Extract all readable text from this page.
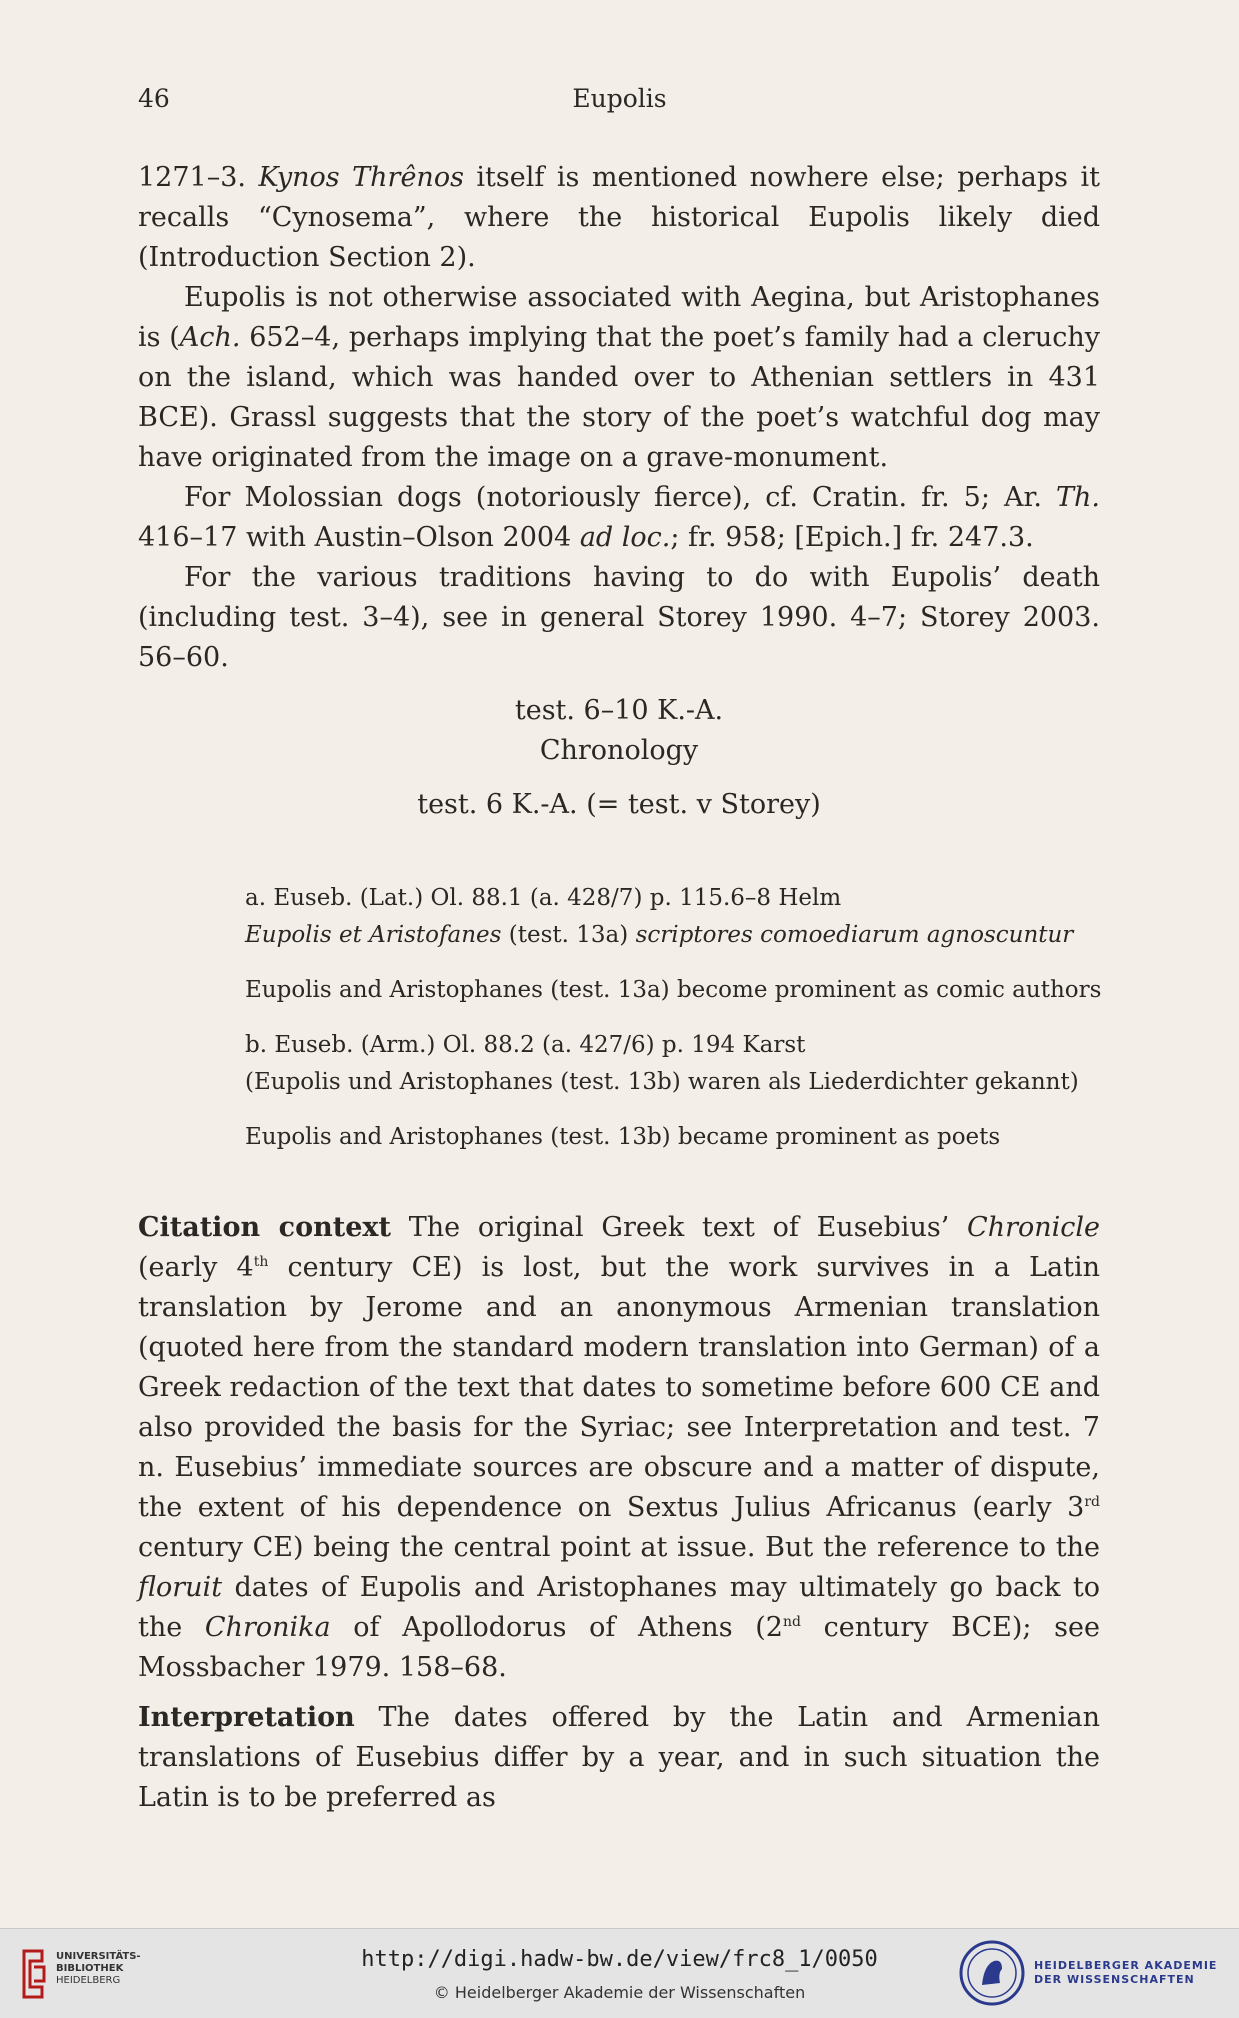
46	Eupolis

1271–3. Kynos Thrênos itself is mentioned nowhere else; perhaps it recalls “Cynosema”, where the historical Eupolis likely died (Introduction Section 2).

Eupolis is not otherwise associated with Aegina, but Aristophanes is (Ach. 652–4, perhaps implying that the poet’s family had a cleruchy on the island, which was handed over to Athenian settlers in 431 BCE). Grassl suggests that the story of the poet’s watchful dog may have originated from the image on a grave-monument.

For Molossian dogs (notoriously fierce), cf. Cratin. fr. 5; Ar. Th. 416–17 with Austin–Olson 2004 ad loc.; fr. 958; [Epich.] fr. 247.3.

For the various traditions having to do with Eupolis’ death (including test. 3–4), see in general Storey 1990. 4–7; Storey 2003. 56–60.

test. 6–10 K.-A.
Chronology
test. 6 K.-A. (= test. v Storey)
a. Euseb. (Lat.) Ol. 88.1 (a. 428/7) p. 115.6–8 Helm
Eupolis et Aristofanes (test. 13a) scriptores comoediarum agnoscuntur
Eupolis and Aristophanes (test. 13a) become prominent as comic authors
b. Euseb. (Arm.) Ol. 88.2 (a. 427/6) p. 194 Karst
(Eupolis und Aristophanes (test. 13b) waren als Liederdichter gekannt)
Eupolis and Aristophanes (test. 13b) became prominent as poets

Citation context The original Greek text of Eusebius’ Chronicle (early 4th century CE) is lost, but the work survives in a Latin translation by Jerome and an anonymous Armenian translation (quoted here from the standard modern translation into German) of a Greek redaction of the text that dates to sometime before 600 CE and also provided the basis for the Syriac; see Interpretation and test. 7 n. Eusebius’ immediate sources are obscure and a matter of dispute, the extent of his dependence on Sextus Julius Africanus (early 3rd century CE) being the central point at issue. But the reference to the floruit dates of Eupolis and Aristophanes may ultimately go back to the Chronika of Apollodorus of Athens (2nd century BCE); see Mossbacher 1979. 158–68.

Interpretation The dates offered by the Latin and Armenian translations of Eusebius differ by a year, and in such situation the Latin is to be preferred as

UNIVERSITÄTS-
BIBLIOTHEK
HEIDELBERG
http://digi.hadw-bw.de/view/frc8_1/0050
© Heidelberger Akademie der Wissenschaften
HEIDELBERGER AKADEMIE
DER WISSENSCHAFTEN
